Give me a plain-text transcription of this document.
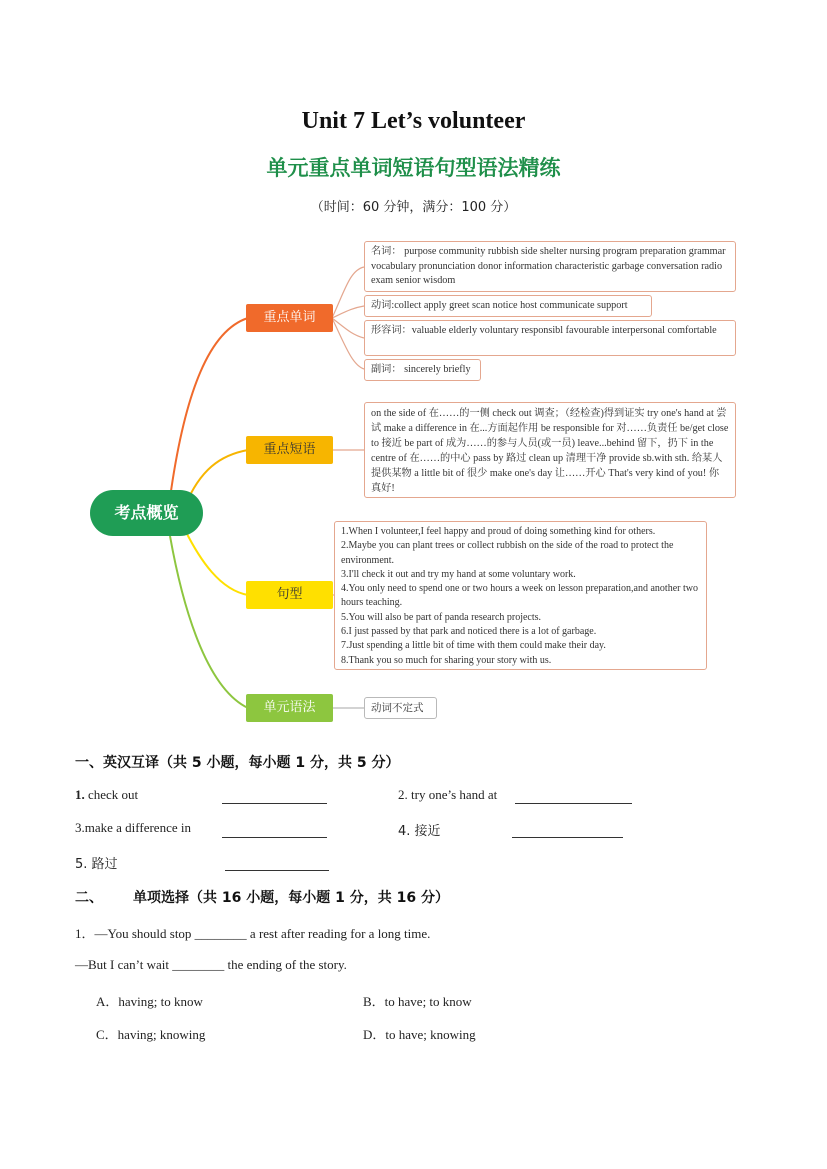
Unit 7 Let’s volunteer
单元重点单词短语句型语法精练
（时间：60 分钟，满分：100 分）
考点概览
重点单词
重点短语
句型
单元语法
名词： purpose community rubbish side shelter nursing program preparation grammar vocabulary pronunciation donor information characteristic garbage conversation radio exam senior wisdom
动词:collect apply greet scan notice host communicate support
形容词：valuable elderly voluntary responsibl favourable interpersonal comfortable
副词： sincerely briefly
on the side of 在……的一侧 check out 调查；（经检查)得到证实 try one's hand at 尝试 make a difference in 在...方面起作用 be responsible for 对……负责任 be/get close to 接近 be part of 成为……的参与人员(或一员) leave...behind 留下，扔下 in the centre of 在……的中心 pass by 路过 clean up 清理干净 provide sb.with sth. 给某人提供某物 a little bit of 很少 make one's day 让……开心 That's very kind of you! 你真好!
1.When I volunteer,I feel happy and proud of doing something kind for others.
2.Maybe you can plant trees or collect rubbish on the side of the road to protect the environment.
3.I'll check it out and try my hand at some voluntary work.
4.You only need to spend one or two hours a week on lesson preparation,and another two hours teaching.
5.You will also be part of panda research projects.
6.I just passed by that park and noticed there is a lot of garbage.
7.Just spending a little bit of time with them could make their day.
8.Thank you so much for sharing your story with us.
动词不定式
一、英汉互译（共 5 小题，每小题 1 分，共 5 分）
1. check out	2. try one’s hand at
3.make a difference in	4. 接近
5. 路过
二、 单项选择（共 16 小题，每小题 1 分，共 16 分）
1．—You should stop ________ a rest after reading for a long time.
—But I can’t wait ________ the ending of the story.
A．having; to know	B．to have; to know
C．having; knowing	D．to have; knowing
